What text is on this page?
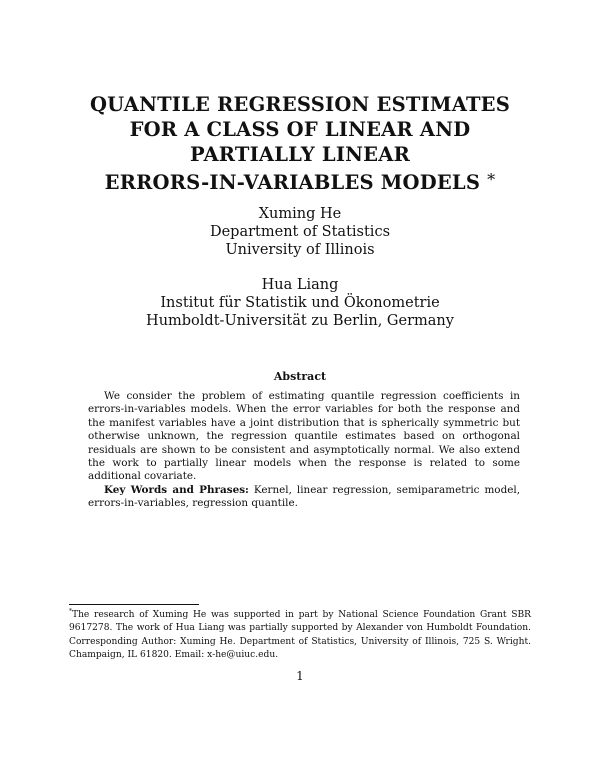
QUANTILE REGRESSION ESTIMATES
FOR A CLASS OF LINEAR AND
PARTIALLY LINEAR
ERRORS-IN-VARIABLES MODELS *
Xuming He
Department of Statistics
University of Illinois
Hua Liang
Institut für Statistik und Ökonometrie
Humboldt-Universität zu Berlin, Germany
Abstract

We consider the problem of estimating quantile regression coefficients in errors-in-variables models. When the error variables for both the response and the manifest variables have a joint distribution that is spherically symmetric but otherwise unknown, the regression quantile estimates based on orthogonal residuals are shown to be consistent and asymptotically normal. We also extend the work to partially linear models when the response is related to some additional covariate.

Key Words and Phrases: Kernel, linear regression, semiparametric model, errors-in-variables, regression quantile.

*The research of Xuming He was supported in part by National Science Foundation Grant SBR 9617278. The work of Hua Liang was partially supported by Alexander von Humboldt Foundation. Corresponding Author: Xuming He. Department of Statistics, University of Illinois, 725 S. Wright. Champaign, IL 61820. Email: x-he@uiuc.edu.
1
